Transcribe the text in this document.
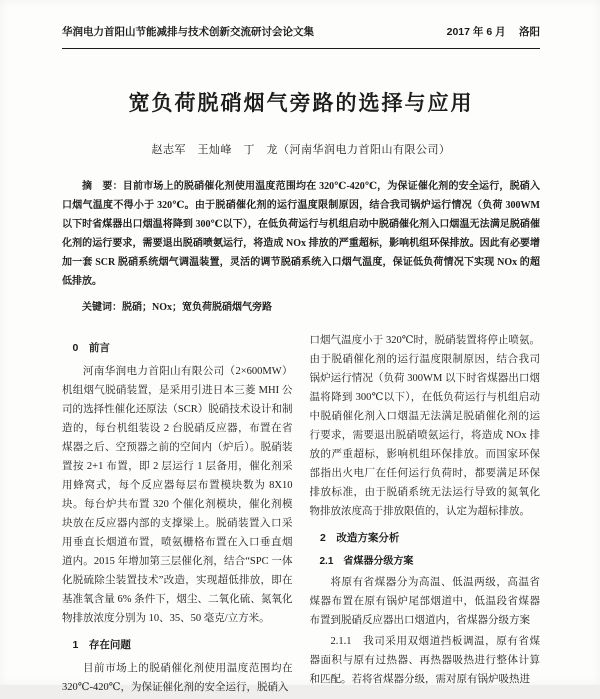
华润电力首阳山节能减排与技术创新交流研讨会论文集	2017 年 6 月　 洛阳
宽负荷脱硝烟气旁路的选择与应用
赵志军　王灿峰　丁　龙（河南华润电力首阳山有限公司）

摘　要：目前市场上的脱硝催化剂使用温度范围均在 320℃-420℃，为保证催化剂的安全运行，脱硝入口烟气温度不得小于 320℃。由于脱硝催化剂的运行温度限制原因，结合我司锅炉运行情况（负荷 300WM 以下时省煤器出口烟温将降到 300℃以下），在低负荷运行与机组启动中脱硝催化剂入口烟温无法满足脱硝催化剂的运行要求，需要退出脱硝喷氨运行，将造成 NOx 排放的严重超标，影响机组环保排放。因此有必要增加一套 SCR 脱硝系统烟气调温装置，灵活的调节脱硝系统入口烟气温度，保证低负荷情况下实现 NOx 的超低排放。

关键词：脱硝；NOx；宽负荷脱硝烟气旁路

0　前言

河南华润电力首阳山有限公司（2×600MW）机组烟气脱硝装置，是采用引进日本三菱 MHI 公司的选择性催化还原法（SCR）脱硝技术设计和制造的，每台机组装设 2 台脱硝反应器，布置在省煤器之后、空预器之前的空间内（炉后）。脱硝装置按 2+1 布置，即 2 层运行 1 层备用，催化剂采用蜂窝式，每个反应器每层布置模块数为 8X10 块。每台炉共布置 320 个催化剂模块，催化剂模块放在反应器内部的支撑梁上。脱硝装置入口采用垂直长烟道布置，喷氨栅格布置在入口垂直烟道内。2015 年增加第三层催化剂，结合“SPC 一体化脱硫除尘装置技术”改造，实现超低排放，即在基准氧含量 6% 条件下，烟尘、二氧化硫、氮氧化物排放浓度分别为 10、35、50 毫克/立方米。

1　存在问题

目前市场上的脱硝催化剂使用温度范围均在 320℃-420℃，为保证催化剂的安全运行，脱硝入

口烟气温度小于 320℃时，脱硝装置将停止喷氨。由于脱硝催化剂的运行温度限制原因，结合我司锅炉运行情况（负荷 300WM 以下时省煤器出口烟温将降到 300℃以下），在低负荷运行与机组启动中脱硝催化剂入口烟温无法满足脱硝催化剂的运行要求，需要退出脱硝喷氨运行，将造成 NOx 排放的严重超标，影响机组环保排放。而国家环保部指出火电厂在任何运行负荷时，都要满足环保排放标准，由于脱硝系统无法运行导致的氮氧化物排放浓度高于排放限值的，认定为超标排放。

2　改造方案分析
2.1　省煤器分级方案

将原有省煤器分为高温、低温两级，高温省煤器布置在原有锅炉尾部烟道中，低温段省煤器布置到脱硝反应器出口烟道内，省煤器分级方案

2.1.1　我司采用双烟道挡板调温，原有省煤器面积与原有过热器、再热器吸热进行整体计算和匹配。若将省煤器分级，需对原有锅炉吸热进
